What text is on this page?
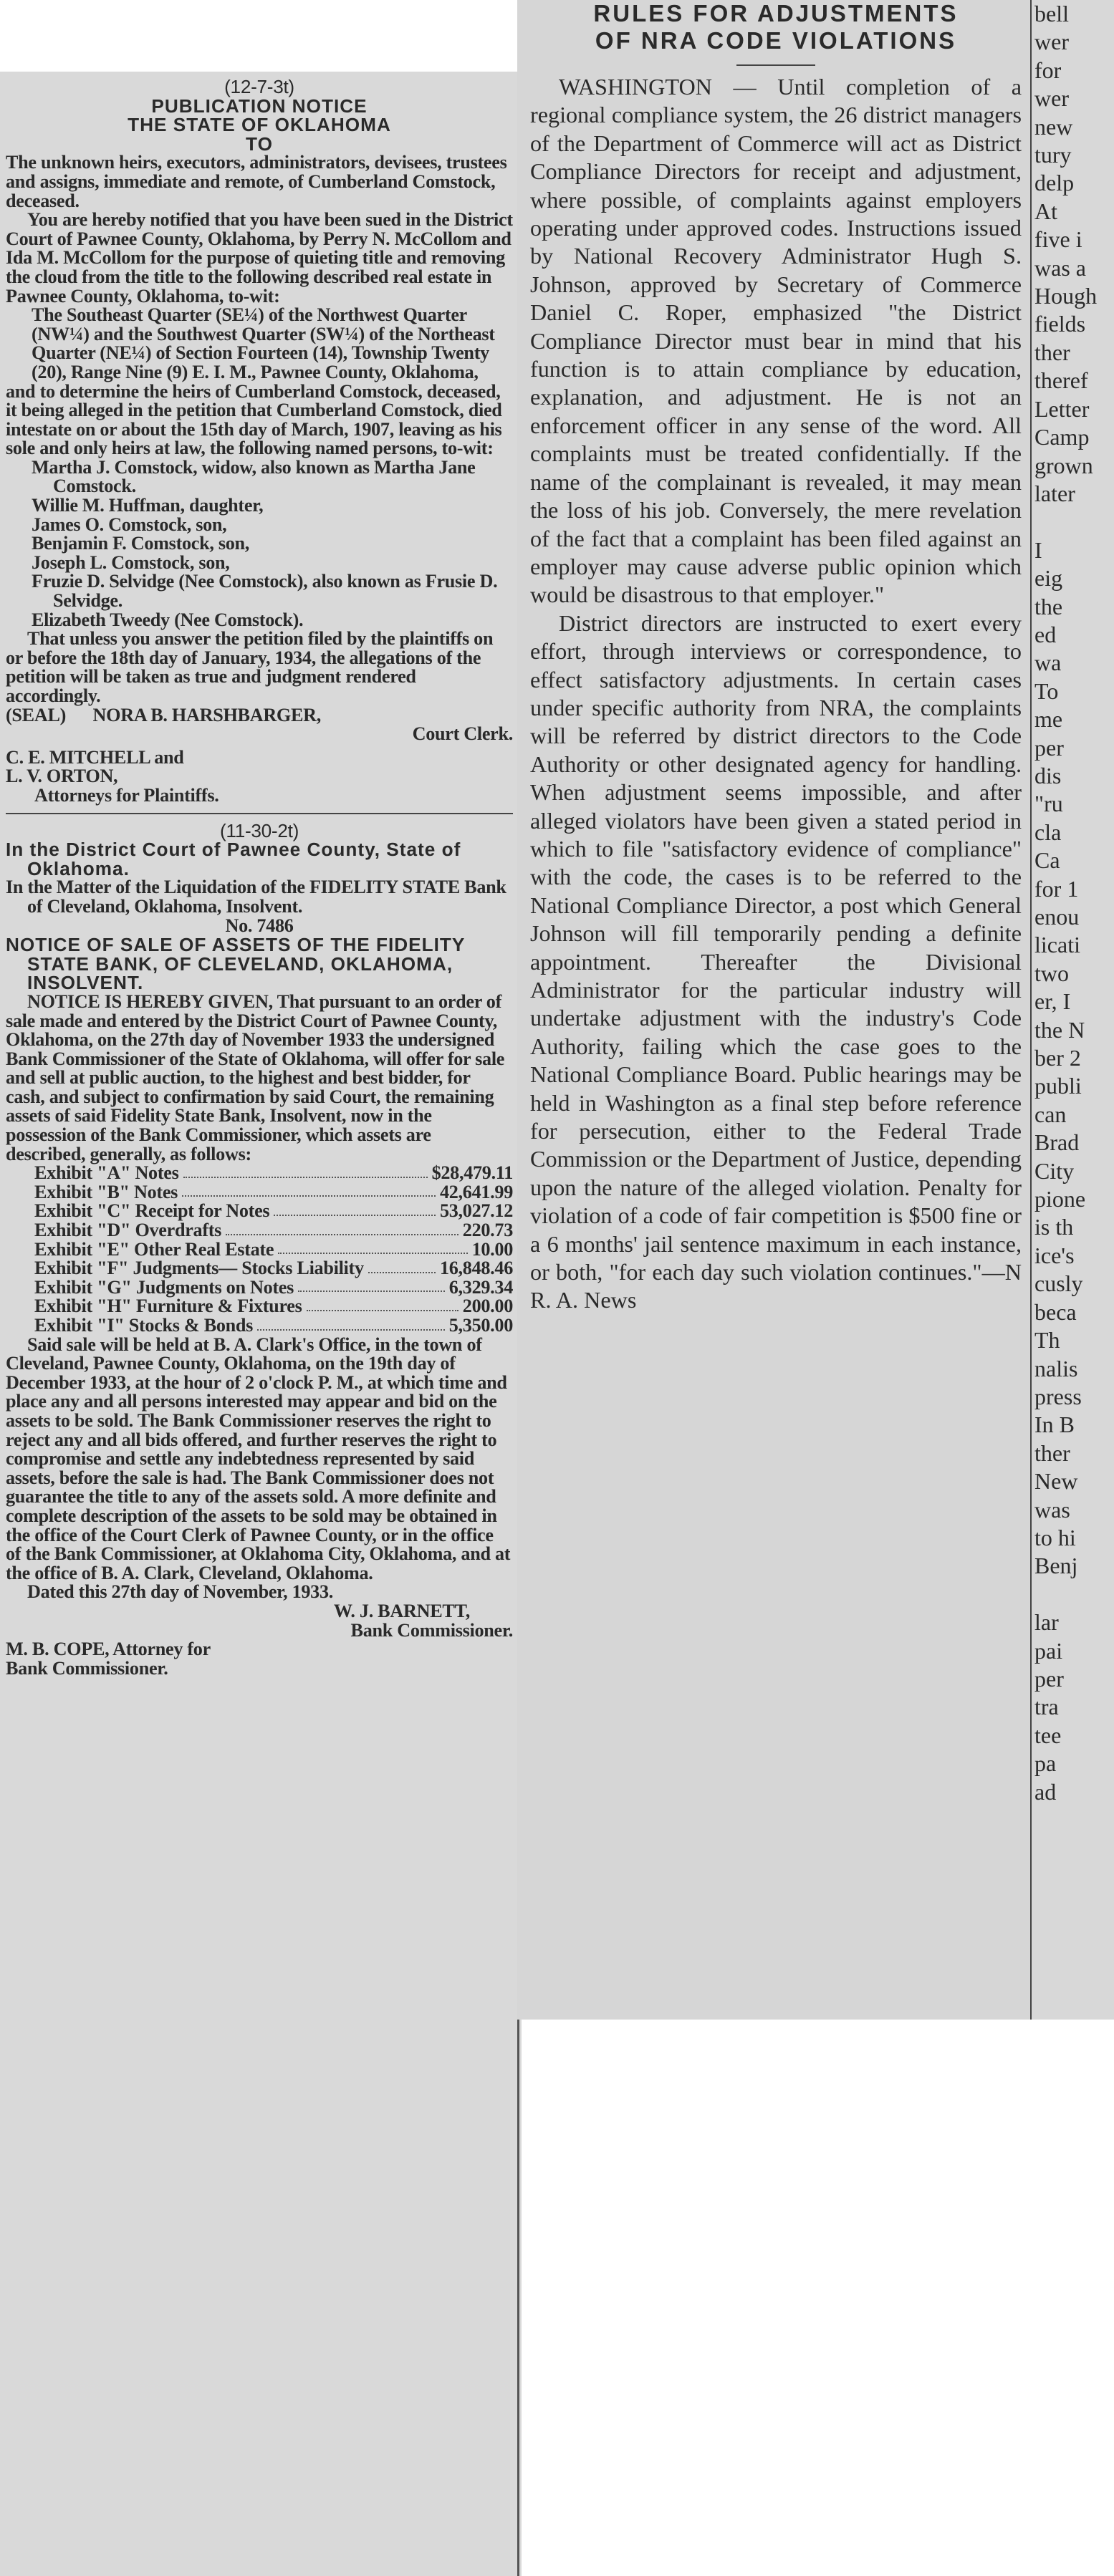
(12-7-3t)

PUBLICATION NOTICE

THE STATE OF OKLAHOMA

TO

The unknown heirs, executors, administrators, devisees, trustees and assigns, immediate and remote, of Cumberland Comstock, deceased.

You are hereby notified that you have been sued in the District Court of Pawnee County, Oklahoma, by Perry N. McCollom and Ida M. McCollom for the purpose of quieting title and removing the cloud from the title to the following described real estate in Pawnee County, Oklahoma, to-wit:

The Southeast Quarter (SE¼) of the Northwest Quarter (NW¼) and the Southwest Quarter (SW¼) of the Northeast Quarter (NE¼) of Section Fourteen (14), Township Twenty (20), Range Nine (9) E. I. M., Pawnee County, Oklahoma,

and to determine the heirs of Cumberland Comstock, deceased, it being alleged in the petition that Cumberland Comstock, died intestate on or about the 15th day of March, 1907, leaving as his sole and only heirs at law, the following named persons, to-wit:

Martha J. Comstock, widow, also known as Martha Jane Comstock.

Willie M. Huffman, daughter,

James O. Comstock, son,

Benjamin F. Comstock, son,

Joseph L. Comstock, son,

Fruzie D. Selvidge (Nee Comstock), also known as Frusie D. Selvidge.

Elizabeth Tweedy (Nee Comstock).

That unless you answer the petition filed by the plaintiffs on or before the 18th day of January, 1934, the allegations of the petition will be taken as true and judgment rendered accordingly.

(SEAL) NORA B. HARSHBARGER,

Court Clerk.

C. E. MITCHELL and

L. V. ORTON,

Attorneys for Plaintiffs.

(11-30-2t)

In the District Court of Pawnee County, State of Oklahoma.

In the Matter of the Liquidation of the FIDELITY STATE Bank of Cleveland, Oklahoma, Insolvent.

No. 7486

NOTICE OF SALE OF ASSETS OF THE FIDELITY STATE BANK, OF CLEVELAND, OKLAHOMA, INSOLVENT.

NOTICE IS HEREBY GIVEN, That pursuant to an order of sale made and entered by the District Court of Pawnee County, Oklahoma, on the 27th day of November 1933 the undersigned Bank Commissioner of the State of Oklahoma, will offer for sale and sell at public auction, to the highest and best bidder, for cash, and subject to confirmation by said Court, the remaining assets of said Fidelity State Bank, Insolvent, now in the possession of the Bank Commissioner, which assets are described, generally, as follows:

Exhibit "A" Notes	$28,479.11
Exhibit "B" Notes	42,641.99
Exhibit "C" Receipt for Notes	53,027.12
Exhibit "D" Overdrafts	220.73
Exhibit "E" Other Real Estate	10.00
Exhibit "F" Judgments— Stocks Liability	16,848.46
Exhibit "G" Judgments on Notes	6,329.34
Exhibit "H" Furniture & Fixtures	200.00
Exhibit "I" Stocks & Bonds	5,350.00

Said sale will be held at B. A. Clark's Office, in the town of Cleveland, Pawnee County, Oklahoma, on the 19th day of December 1933, at the hour of 2 o'clock P. M., at which time and place any and all persons interested may appear and bid on the assets to be sold. The Bank Commissioner reserves the right to reject any and all bids offered, and further reserves the right to compromise and settle any indebtedness represented by said assets, before the sale is had. The Bank Commissioner does not guarantee the title to any of the assets sold. A more definite and complete description of the assets to be sold may be obtained in the office of the Court Clerk of Pawnee County, or in the office of the Bank Commissioner, at Oklahoma City, Oklahoma, and at the office of B. A. Clark, Cleveland, Oklahoma.

Dated this 27th day of November, 1933.

W. J. BARNETT,

Bank Commissioner.

M. B. COPE, Attorney for

Bank Commissioner.

RULES FOR ADJUSTMENTS

OF NRA CODE VIOLATIONS

WASHINGTON — Until completion of a regional compliance system, the 26 district managers of the Department of Commerce will act as District Compliance Directors for receipt and adjustment, where possible, of complaints against employers operating under approved codes. Instructions issued by National Recovery Administrator Hugh S. Johnson, approved by Secretary of Commerce Daniel C. Roper, emphasized "the District Compliance Director must bear in mind that his function is to attain compliance by education, explanation, and adjustment. He is not an enforcement officer in any sense of the word. All complaints must be treated confidentially. If the name of the complainant is revealed, it may mean the loss of his job. Conversely, the mere revelation of the fact that a complaint has been filed against an employer may cause adverse public opinion which would be disastrous to that employer."

District directors are instructed to exert every effort, through interviews or correspondence, to effect satisfactory adjustments. In certain cases under specific authority from NRA, the complaints will be referred by district directors to the Code Authority or other designated agency for handling. When adjustment seems impossible, and after alleged violators have been given a stated period in which to file "satisfactory evidence of compliance" with the code, the cases is to be referred to the National Compliance Director, a post which General Johnson will fill temporarily pending a definite appointment. Thereafter the Divisional Administrator for the particular industry will undertake adjustment with the industry's Code Authority, failing which the case goes to the National Compliance Board. Public hearings may be held in Washington as a final step before reference for persecution, either to the Federal Trade Commission or the Department of Justice, depending upon the nature of the alleged violation. Penalty for violation of a code of fair competition is $500 fine or a 6 months' jail sentence maximum in each instance, or both, "for each day such violation continues."—N R. A. News

bell
wer
for
wer
new
tury
delp
At
five i
was a
Hough
fields
ther
theref
Letter
Camp
grown
later

I
eig
the
ed
wa
To
me
per
dis
"ru
cla
Ca
for 1
enou
licati
two
er, I
the N
ber 2
publi
can
Brad
City
pione
is th
ice's
cusly
beca
Th
nalis
press
In B
ther
New
was
to hi
Benj

lar
pai
per
tra
tee
pa
ad
